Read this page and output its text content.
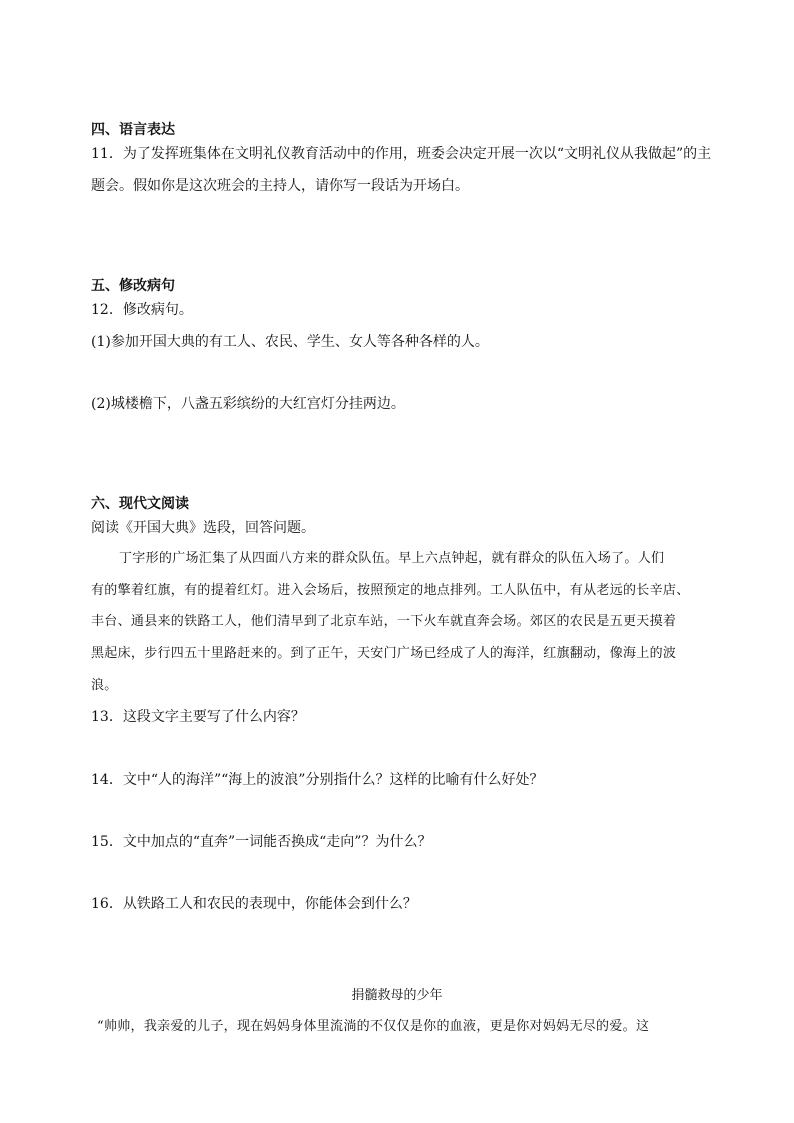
四、语言表达
11．为了发挥班集体在文明礼仪教育活动中的作用，班委会决定开展一次以“文明礼仪从我做起”的主
题会。假如你是这次班会的主持人，请你写一段话为开场白。
五、修改病句
12．修改病句。
(1)参加开国大典的有工人、农民、学生、女人等各种各样的人。
(2)城楼檐下，八盏五彩缤纷的大红宫灯分挂两边。
六、现代文阅读
阅读《开国大典》选段，回答问题。
丁字形的广场汇集了从四面八方来的群众队伍。早上六点钟起，就有群众的队伍入场了。人们
有的擎着红旗，有的提着红灯。进入会场后，按照预定的地点排列。工人队伍中，有从老远的长辛店、
丰台、通县来的铁路工人，他们清早到了北京车站，一下火车就直奔会场。郊区的农民是五更天摸着
黑起床，步行四五十里路赶来的。到了正午，天安门广场已经成了人的海洋，红旗翻动，像海上的波
浪。
13．这段文字主要写了什么内容？
14．文中“人的海洋”“海上的波浪”分别指什么？这样的比喻有什么好处？
15．文中加点的“直奔”一词能否换成“走向”？为什么？
16．从铁路工人和农民的表现中，你能体会到什么？
捐髓救母的少年
“帅帅，我亲爱的儿子，现在妈妈身体里流淌的不仅仅是你的血液，更是你对妈妈无尽的爱。这
